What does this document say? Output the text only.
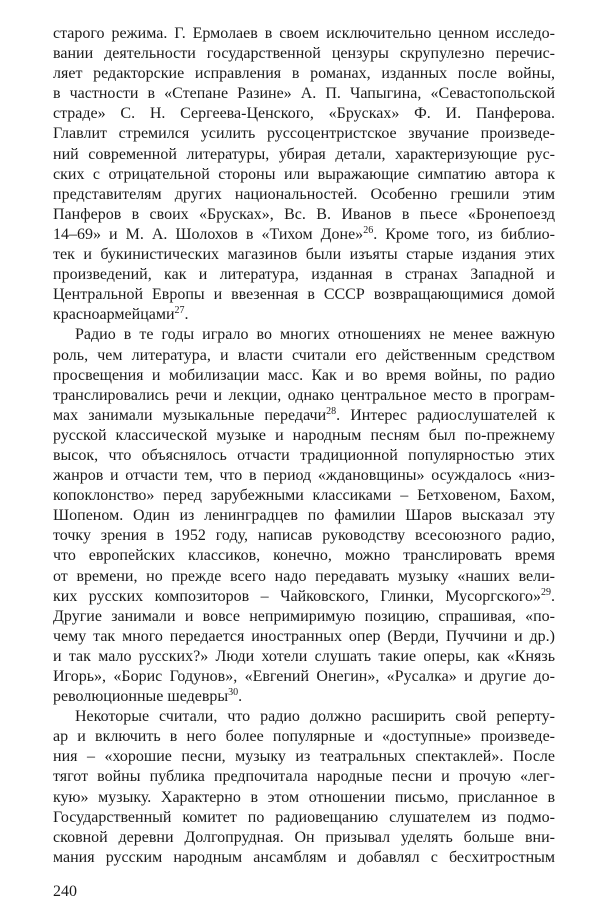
старого режима. Г. Ермолаев в своем исключительно ценном исследо-
вании деятельности государственной цензуры скрупулезно перечис-
ляет редакторские исправления в романах, изданных после войны,
в частности в «Степане Разине» А. П. Чапыгина, «Севастопольской
страде» С. Н. Сергеева-Ценского, «Брусках» Ф. И. Панферова.
Главлит стремился усилить руссоцентристское звучание произведе-
ний современной литературы, убирая детали, характеризующие рус-
ских с отрицательной стороны или выражающие симпатию автора к
представителям других национальностей. Особенно грешили этим
Панферов в своих «Брусках», Вс. В. Иванов в пьесе «Бронепоезд
14–69» и М. А. Шолохов в «Тихом Доне»$^{26}$. Кроме того, из библио-
тек и букинистических магазинов были изъяты старые издания этих
произведений, как и литература, изданная в странах Западной и
Центральной Европы и ввезенная в СССР возвращающимися домой
красноармейцами$^{27}$.
Радио в те годы играло во многих отношениях не менее важную
роль, чем литература, и власти считали его действенным средством
просвещения и мобилизации масс. Как и во время войны, по радио
транслировались речи и лекции, однако центральное место в програм-
мах занимали музыкальные передачи$^{28}$. Интерес радиослушателей к
русской классической музыке и народным песням был по-прежнему
высок, что объяснялось отчасти традиционной популярностью этих
жанров и отчасти тем, что в период «ждановщины» осуждалось «низ-
копоклонство» перед зарубежными классиками – Бетховеном, Бахом,
Шопеном. Один из ленинградцев по фамилии Шаров высказал эту
точку зрения в 1952 году, написав руководству всесоюзного радио,
что европейских классиков, конечно, можно транслировать время
от времени, но прежде всего надо передавать музыку «наших вели-
ких русских композиторов – Чайковского, Глинки, Мусоргского»$^{29}$.
Другие занимали и вовсе непримиримую позицию, спрашивая, «по-
чему так много передается иностранных опер (Верди, Пуччини и др.)
и так мало русских?» Люди хотели слушать такие оперы, как «Князь
Игорь», «Борис Годунов», «Евгений Онегин», «Русалка» и другие до-
революционные шедевры$^{30}$.
Некоторые считали, что радио должно расширить свой реперту-
ар и включить в него более популярные и «доступные» произведе-
ния – «хорошие песни, музыку из театральных спектаклей». После
тягот войны публика предпочитала народные песни и прочую «лег-
кую» музыку. Характерно в этом отношении письмо, присланное в
Государственный комитет по радиовещанию слушателем из подмо-
сковной деревни Долгопрудная. Он призывал уделять больше вни-
мания русским народным ансамблям и добавлял с бесхитростным
240
